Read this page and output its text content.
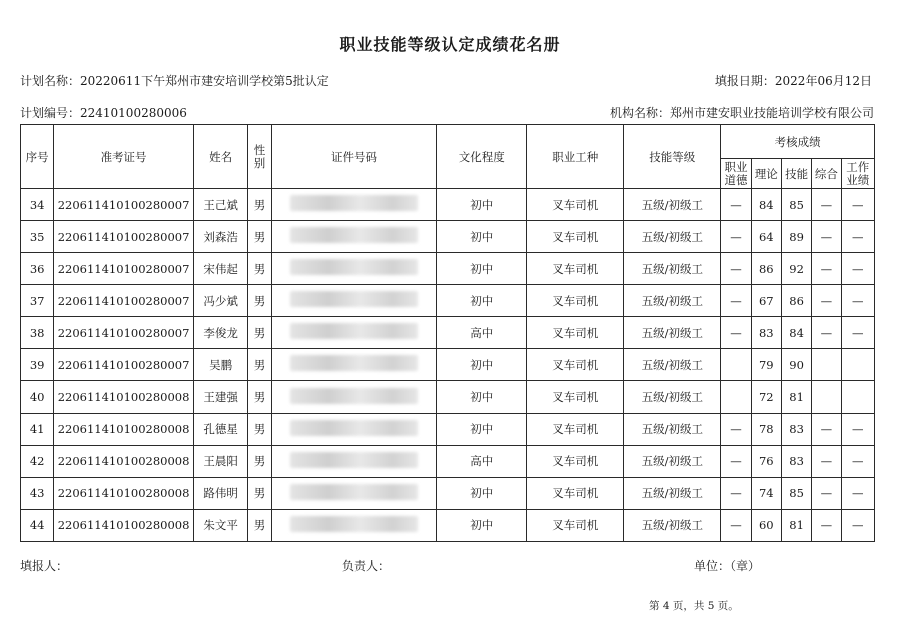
职业技能等级认定成绩花名册
计划名称：20220611下午郑州市建安培训学校第5批认定	填报日期：2022年06月12日
计划编号：22410100280006	机构名称：郑州市建安职业技能培训学校有限公司
序号	准考证号	姓名	性别	证件号码	文化程度	职业工种	技能等级	考核成绩				
								职业道德	理论	技能	综合	工作业绩
34	220611410100280007	王己斌	男		初中	叉车司机	五级/初级工	—	84	85	—	—
35	220611410100280007	刘森浩	男		初中	叉车司机	五级/初级工	—	64	89	—	—
36	220611410100280007	宋伟起	男		初中	叉车司机	五级/初级工	—	86	92	—	—
37	220611410100280007	冯少斌	男		初中	叉车司机	五级/初级工	—	67	86	—	—
38	220611410100280007	李俊龙	男		高中	叉车司机	五级/初级工	—	83	84	—	—
39	220611410100280007	吴鹏	男		初中	叉车司机	五级/初级工		79	90		
40	220611410100280008	王建强	男		初中	叉车司机	五级/初级工		72	81		
41	220611410100280008	孔德星	男		初中	叉车司机	五级/初级工	—	78	83	—	—
42	220611410100280008	王晨阳	男		高中	叉车司机	五级/初级工	—	76	83	—	—
43	220611410100280008	路伟明	男		初中	叉车司机	五级/初级工	—	74	85	—	—
44	220611410100280008	朱文平	男		初中	叉车司机	五级/初级工	—	60	81	—	—
填报人：	负责人：	单位：（章）
第 4 页，共 5 页。
